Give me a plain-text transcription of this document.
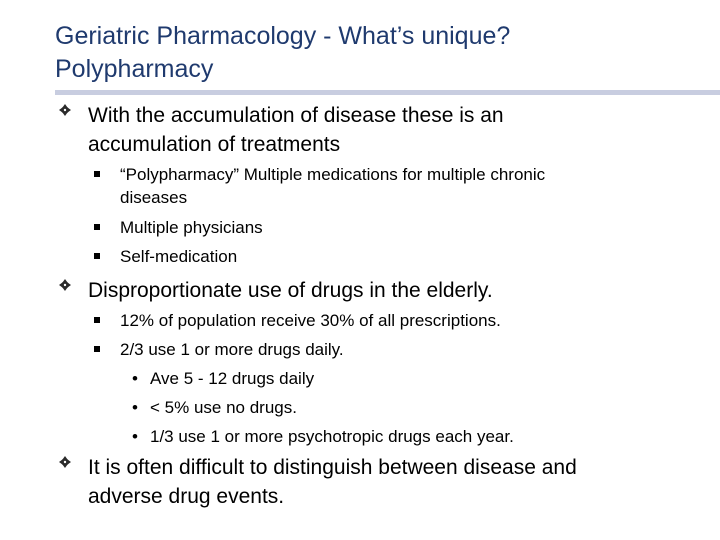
Geriatric Pharmacology - What’s unique?
Polypharmacy
With the accumulation of disease these is an
accumulation of treatments
“Polypharmacy” Multiple medications for multiple chronic
diseases
Multiple physicians
Self-medication
Disproportionate use of drugs in the elderly.
12% of population receive 30% of all prescriptions.
2/3 use 1 or more drugs daily.
• Ave 5 - 12 drugs daily
• < 5% use no drugs.
• 1/3 use 1 or more psychotropic drugs each year.
It is often difficult to distinguish between disease and
adverse drug events.
